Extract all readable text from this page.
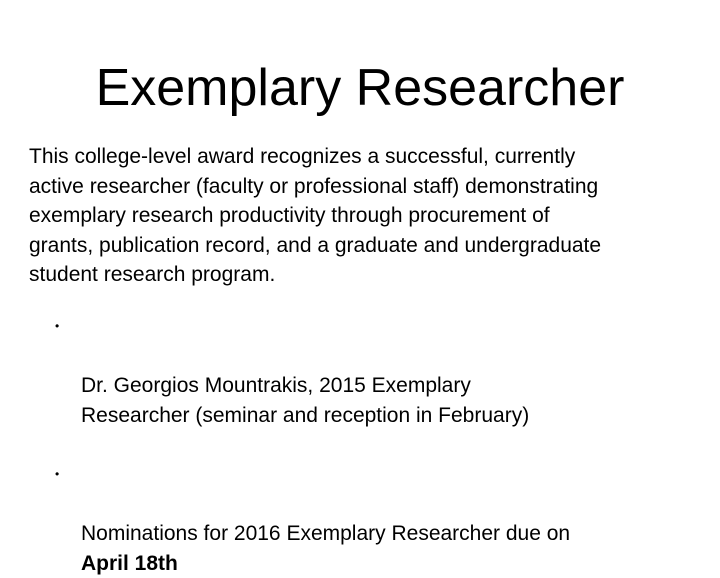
Exemplary Researcher
This college-level award recognizes a successful, currently
active researcher (faculty or professional staff) demonstrating
exemplary research productivity through procurement of
grants, publication record, and a graduate and undergraduate
student research program.

•

Dr. Georgios Mountrakis, 2015 Exemplary
Researcher (seminar and reception in February)

•

Nominations for 2016 Exemplary Researcher due on
April 18th
